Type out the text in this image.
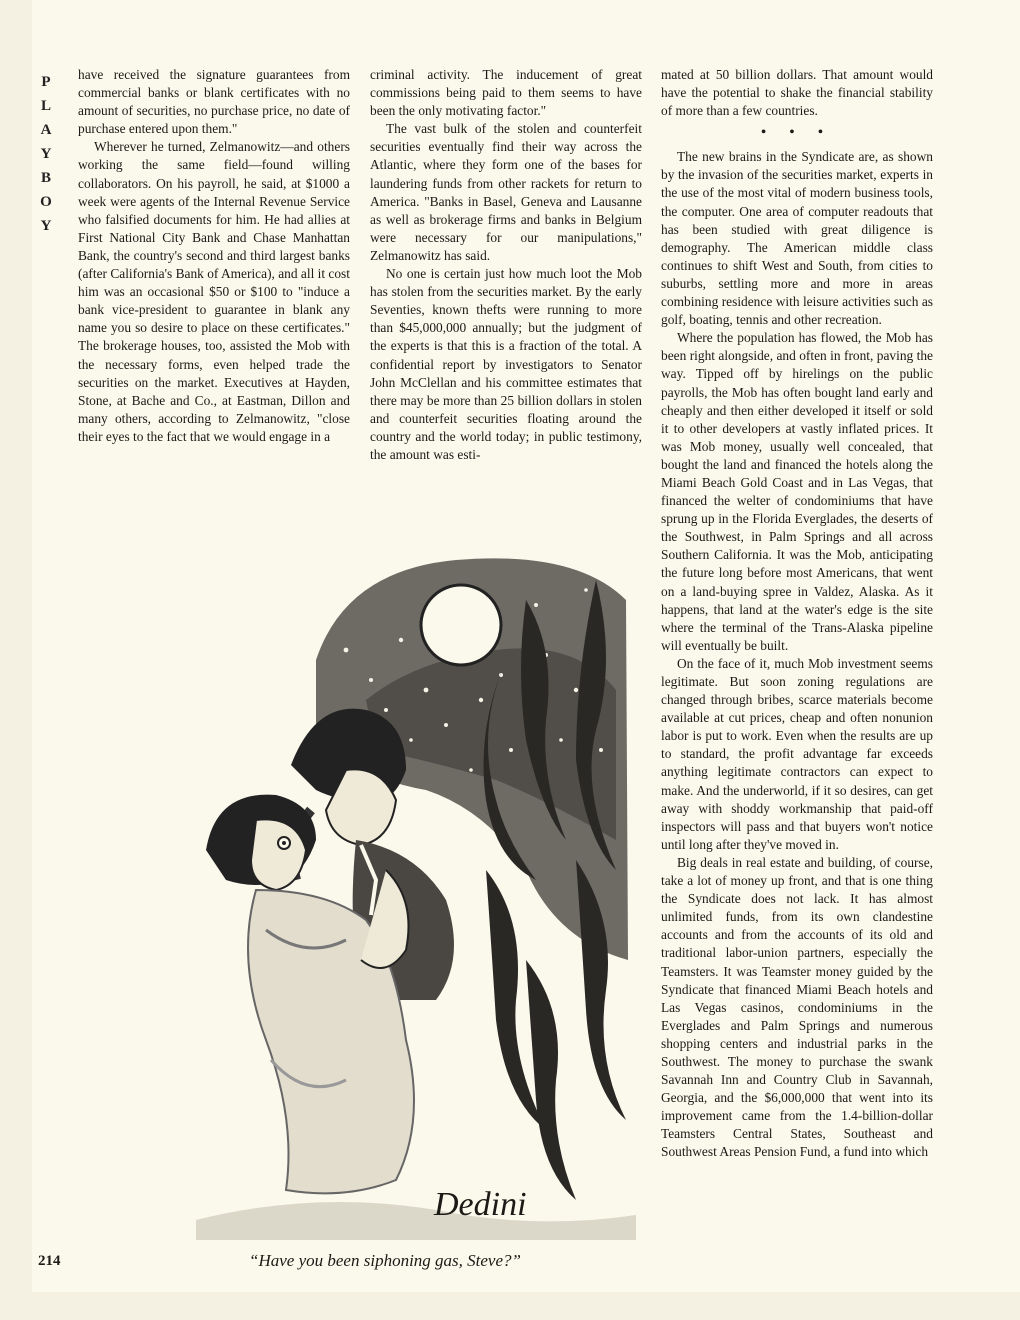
P
L
A
Y
B
O
Y

have received the signature guarantees from commercial banks or blank certificates with no amount of securities, no purchase price, no date of purchase entered upon them."

Wherever he turned, Zelmanowitz—and others working the same field—found willing collaborators. On his payroll, he said, at $1000 a week were agents of the Internal Revenue Service who falsified documents for him. He had allies at First National City Bank and Chase Manhattan Bank, the country's second and third largest banks (after California's Bank of America), and all it cost him was an occasional $50 or $100 to "induce a bank vice-president to guarantee in blank any name you so desire to place on these certificates." The brokerage houses, too, assisted the Mob with the necessary forms, even helped trade the securities on the market. Executives at Hayden, Stone, at Bache and Co., at Eastman, Dillon and many others, according to Zelmanowitz, "close their eyes to the fact that we would engage in a

criminal activity. The inducement of great commissions being paid to them seems to have been the only motivating factor."

The vast bulk of the stolen and counterfeit securities eventually find their way across the Atlantic, where they form one of the bases for laundering funds from other rackets for return to America. "Banks in Basel, Geneva and Lausanne as well as brokerage firms and banks in Belgium were necessary for our manipulations," Zelmanowitz has said.

No one is certain just how much loot the Mob has stolen from the securities market. By the early Seventies, known thefts were running to more than $45,000,000 annually; but the judgment of the experts is that this is a fraction of the total. A confidential report by investigators to Senator John McClellan and his committee estimates that there may be more than 25 billion dollars in stolen and counterfeit securities floating around the country and the world today; in public testimony, the amount was esti-

mated at 50 billion dollars. That amount would have the potential to shake the financial stability of more than a few countries.

• • •

The new brains in the Syndicate are, as shown by the invasion of the securities market, experts in the use of the most vital of modern business tools, the computer. One area of computer readouts that has been studied with great diligence is demography. The American middle class continues to shift West and South, from cities to suburbs, settling more and more in areas combining residence with leisure activities such as golf, boating, tennis and other recreation.

Where the population has flowed, the Mob has been right alongside, and often in front, paving the way. Tipped off by hirelings on the public payrolls, the Mob has often bought land early and cheaply and then either developed it itself or sold it to other developers at vastly inflated prices. It was Mob money, usually well concealed, that bought the land and financed the hotels along the Miami Beach Gold Coast and in Las Vegas, that financed the welter of condominiums that have sprung up in the Florida Everglades, the deserts of the Southwest, in Palm Springs and all across Southern California. It was the Mob, anticipating the future long before most Americans, that went on a land-buying spree in Valdez, Alaska. As it happens, that land at the water's edge is the site where the terminal of the Trans-Alaska pipeline will eventually be built.

On the face of it, much Mob investment seems legitimate. But soon zoning regulations are changed through bribes, scarce materials become available at cut prices, cheap and often nonunion labor is put to work. Even when the results are up to standard, the profit advantage far exceeds anything legitimate contractors can expect to make. And the underworld, if it so desires, can get away with shoddy workmanship that paid-off inspectors will pass and that buyers won't notice until long after they've moved in.

Big deals in real estate and building, of course, take a lot of money up front, and that is one thing the Syndicate does not lack. It has almost unlimited funds, from its own clandestine accounts and from the accounts of its old and traditional labor-union partners, especially the Teamsters. It was Teamster money guided by the Syndicate that financed Miami Beach hotels and Las Vegas casinos, condominiums in the Everglades and Palm Springs and numerous shopping centers and industrial parks in the Southwest. The money to purchase the swank Savannah Inn and Country Club in Savannah, Georgia, and the $6,000,000 that went into its improvement came from the 1.4-billion-dollar Teamsters Central States, Southeast and Southwest Areas Pension Fund, a fund into which

Dedini
“Have you been siphoning gas, Steve?”
214
